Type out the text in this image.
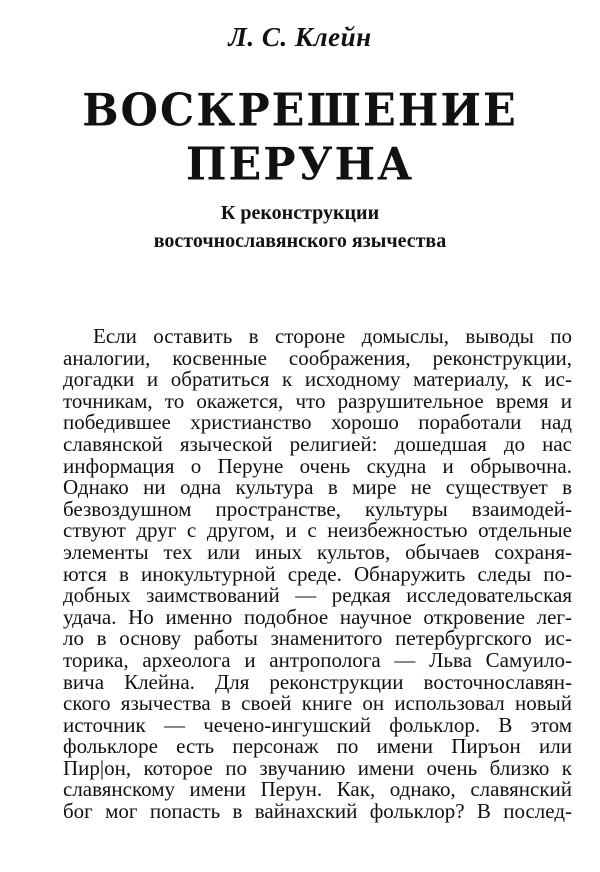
Л. С. Клейн
ВОСКРЕШЕНИЕ
ПЕРУНА
К реконструкции
восточнославянского язычества
Если оставить в стороне домыслы, выводы по
аналогии, косвенные соображения, реконструкции,
догадки и обратиться к исходному материалу, к ис-
точникам, то окажется, что разрушительное время и
победившее христианство хорошо поработали над
славянской языческой религией: дошедшая до нас
информация о Перуне очень скудна и обрывочна.
Однако ни одна культура в мире не существует в
безвоздушном пространстве, культуры взаимодей-
ствуют друг с другом, и с неизбежностью отдельные
элементы тех или иных культов, обычаев сохраня-
ются в инокультурной среде. Обнаружить следы по-
добных заимствований — редкая исследовательская
удача. Но именно подобное научное откровение лег-
ло в основу работы знаменитого петербургского ис-
торика, археолога и антрополога — Льва Самуило-
вича Клейна. Для реконструкции восточнославян-
ского язычества в своей книге он использовал новый
источник — чечено-ингушский фольклор. В этом
фольклоре есть персонаж по имени Пиръон или
Пир|он, которое по звучанию имени очень близко к
славянскому имени Перун. Как, однако, славянский
бог мог попасть в вайнахский фольклор? В послед-
